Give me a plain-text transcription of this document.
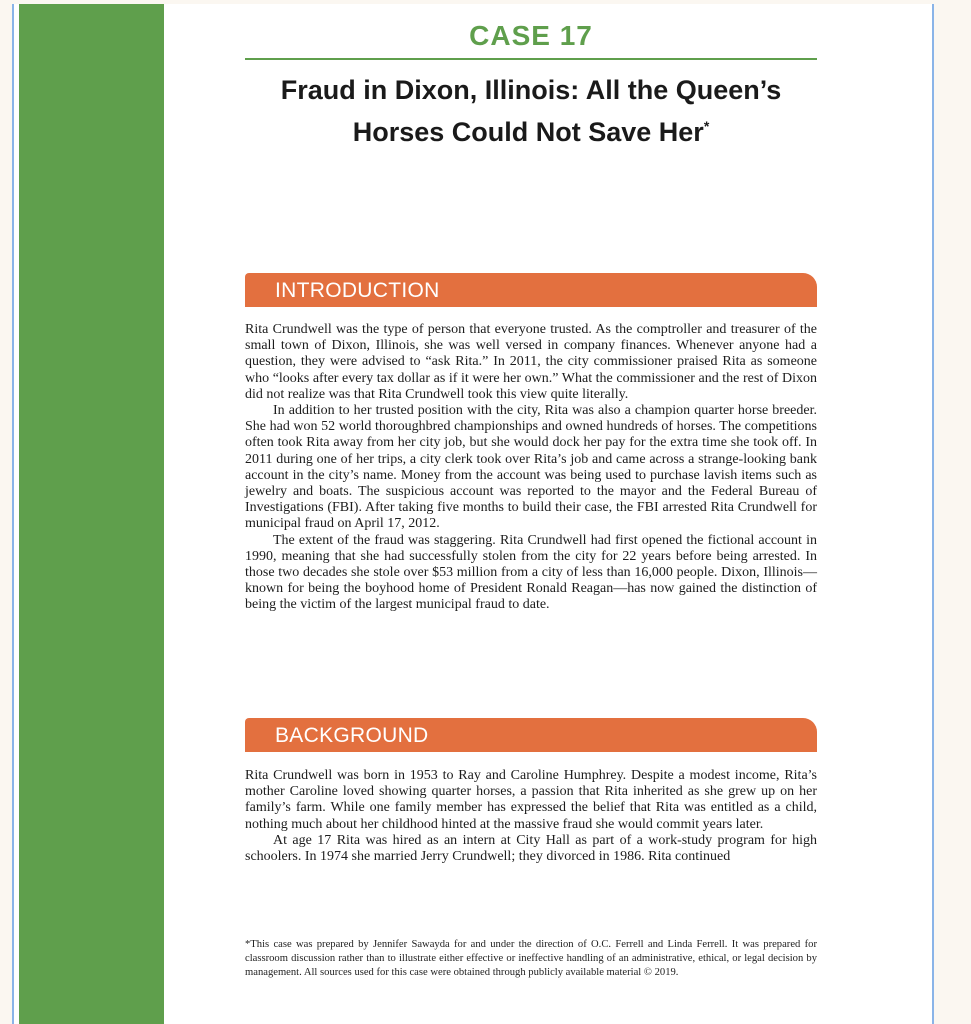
CASE 17
Fraud in Dixon, Illinois: All the Queen’s
Horses Could Not Save Her*
INTRODUCTION

Rita Crundwell was the type of person that everyone trusted. As the comptroller and treasurer of the small town of Dixon, Illinois, she was well versed in company finances. Whenever anyone had a question, they were advised to “ask Rita.” In 2011, the city commissioner praised Rita as someone who “looks after every tax dollar as if it were her own.” What the commissioner and the rest of Dixon did not realize was that Rita Crundwell took this view quite literally.

In addition to her trusted position with the city, Rita was also a champion quarter horse breeder. She had won 52 world thoroughbred championships and owned hundreds of horses. The competitions often took Rita away from her city job, but she would dock her pay for the extra time she took off. In 2011 during one of her trips, a city clerk took over Rita’s job and came across a strange-looking bank account in the city’s name. Money from the account was being used to purchase lavish items such as jewelry and boats. The suspicious account was reported to the mayor and the Federal Bureau of Investigations (FBI). After taking five months to build their case, the FBI arrested Rita Crundwell for municipal fraud on April 17, 2012.

The extent of the fraud was staggering. Rita Crundwell had first opened the fictional account in 1990, meaning that she had successfully stolen from the city for 22 years before being arrested. In those two decades she stole over $53 million from a city of less than 16,000 people. Dixon, Illinois—known for being the boyhood home of President Ronald Reagan—has now gained the distinction of being the victim of the largest municipal fraud to date.

BACKGROUND

Rita Crundwell was born in 1953 to Ray and Caroline Humphrey. Despite a modest income, Rita’s mother Caroline loved showing quarter horses, a passion that Rita inherited as she grew up on her family’s farm. While one family member has expressed the belief that Rita was entitled as a child, nothing much about her childhood hinted at the massive fraud she would commit years later.

At age 17 Rita was hired as an intern at City Hall as part of a work-study program for high schoolers. In 1974 she married Jerry Crundwell; they divorced in 1986. Rita continued

*This case was prepared by Jennifer Sawayda for and under the direction of O.C. Ferrell and Linda Ferrell. It was prepared for classroom discussion rather than to illustrate either effective or ineffective handling of an administrative, ethical, or legal decision by management. All sources used for this case were obtained through publicly available material © 2019.
